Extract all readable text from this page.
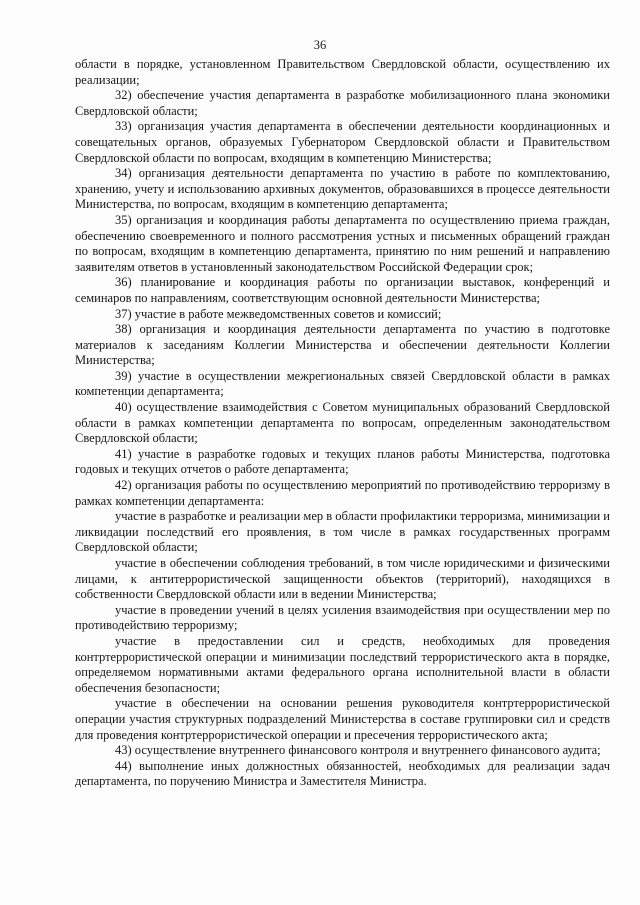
36

области в порядке, установленном Правительством Свердловской области, осуществлению их реализации;

32) обеспечение участия департамента в разработке мобилизационного плана экономики Свердловской области;

33) организация участия департамента в обеспечении деятельности координационных и совещательных органов, образуемых Губернатором Свердловской области и Правительством Свердловской области по вопросам, входящим в компетенцию Министерства;

34) организация деятельности департамента по участию в работе по комплектованию, хранению, учету и использованию архивных документов, образовавшихся в процессе деятельности Министерства, по вопросам, входящим в компетенцию департамента;

35) организация и координация работы департамента по осуществлению приема граждан, обеспечению своевременного и полного рассмотрения устных и письменных обращений граждан по вопросам, входящим в компетенцию департамента, принятию по ним решений и направлению заявителям ответов в установленный законодательством Российской Федерации срок;

36) планирование и координация работы по организации выставок, конференций и семинаров по направлениям, соответствующим основной деятельности Министерства;

37) участие в работе межведомственных советов и комиссий;

38) организация и координация деятельности департамента по участию в подготовке материалов к заседаниям Коллегии Министерства и обеспечении деятельности Коллегии Министерства;

39) участие в осуществлении межрегиональных связей Свердловской области в рамках компетенции департамента;

40) осуществление взаимодействия с Советом муниципальных образований Свердловской области в рамках компетенции департамента по вопросам, определенным законодательством Свердловской области;

41) участие в разработке годовых и текущих планов работы Министерства, подготовка годовых и текущих отчетов о работе департамента;

42) организация работы по осуществлению мероприятий по противодействию терроризму в рамках компетенции департамента:

участие в разработке и реализации мер в области профилактики терроризма, минимизации и ликвидации последствий его проявления, в том числе в рамках государственных программ Свердловской области;

участие в обеспечении соблюдения требований, в том числе юридическими и физическими лицами, к антитеррористической защищенности объектов (территорий), находящихся в собственности Свердловской области или в ведении Министерства;

участие в проведении учений в целях усиления взаимодействия при осуществлении мер по противодействию терроризму;

участие в предоставлении сил и средств, необходимых для проведения контртеррористической операции и минимизации последствий террористического акта в порядке, определяемом нормативными актами федерального органа исполнительной власти в области обеспечения безопасности;

участие в обеспечении на основании решения руководителя контртеррористической операции участия структурных подразделений Министерства в составе группировки сил и средств для проведения контртеррористической операции и пресечения террористического акта;

43) осуществление внутреннего финансового контроля и внутреннего финансового аудита;

44) выполнение иных должностных обязанностей, необходимых для реализации задач департамента, по поручению Министра и Заместителя Министра.
